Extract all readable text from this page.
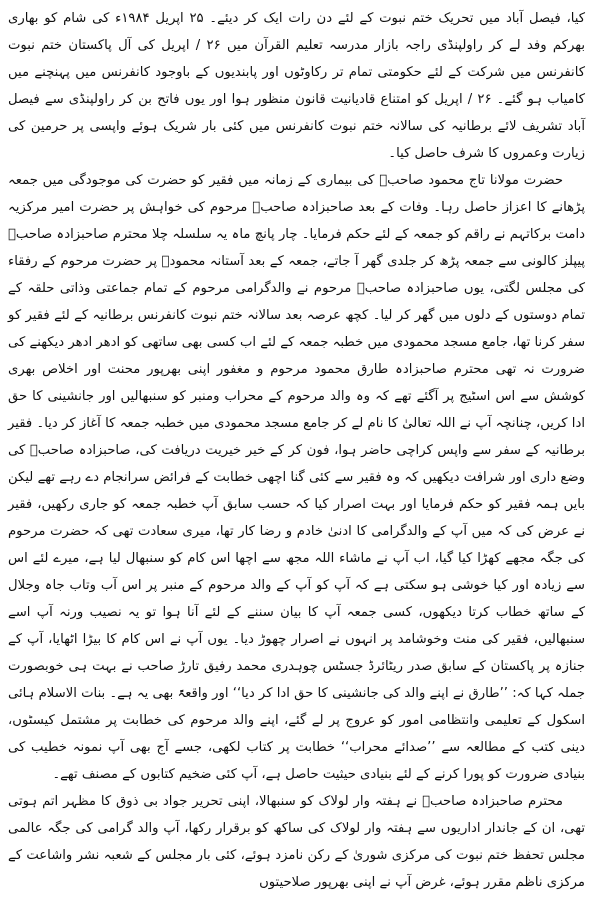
کیا، فیصل آباد میں تحریک ختم نبوت کے لئے دن رات ایک کر دیئے۔ ۲۵ اپریل ۱۹۸۴ء کی شام کو بھاری بھرکم وفد لے کر راولپنڈی راجہ بازار مدرسہ تعلیم القرآن میں ۲۶ / اپریل کی آل پاکستان ختم نبوت کانفرنس میں شرکت کے لئے حکومتی تمام تر رکاوٹوں اور پابندیوں کے باوجود کانفرنس میں پہنچنے میں کامیاب ہو گئے۔ ۲۶ / اپریل کو امتناع قادیانیت قانون منظور ہوا اور یوں فاتح بن کر راولپنڈی سے فیصل آباد تشریف لائے برطانیہ کی سالانہ ختم نبوت کانفرنس میں کئی بار شریک ہوئے واپسی پر حرمین کی زیارت وعمروں کا شرف حاصل کیا۔

حضرت مولانا تاج محمود صاحبؒ کی بیماری کے زمانہ میں فقیر کو حضرت کی موجودگی میں جمعہ پڑھانے کا اعزاز حاصل رہا۔ وفات کے بعد صاحبزادہ صاحبؒ مرحوم کی خواہش پر حضرت امیر مرکزیہ دامت برکاتہم نے راقم کو جمعہ کے لئے حکم فرمایا۔ چار پانچ ماہ یہ سلسلہ چلا محترم صاحبزادہ صاحبؒ پیپلز کالونی سے جمعہ پڑھ کر جلدی گھر آ جاتے، جمعہ کے بعد آستانہ محمودؒ پر حضرت مرحوم کے رفقاء کی مجلس لگتی، یوں صاحبزادہ صاحبؒ مرحوم نے والدگرامی مرحوم کے تمام جماعتی وذاتی حلقہ کے تمام دوستوں کے دلوں میں گھر کر لیا۔ کچھ عرصہ بعد سالانہ ختم نبوت کانفرنس برطانیہ کے لئے فقیر کو سفر کرنا تھا، جامع مسجد محمودی میں خطبہ جمعہ کے لئے اب کسی بھی ساتھی کو ادھر ادھر دیکھنے کی ضرورت نہ تھی محترم صاحبزادہ طارق محمود مرحوم و مغفور اپنی بھرپور محنت اور اخلاص بھری کوشش سے اس اسٹیج پر آگئے تھے کہ وہ والد مرحوم کے محراب ومنبر کو سنبھالیں اور جانشینی کا حق ادا کریں، چنانچہ آپ نے اللہ تعالیٰ کا نام لے کر جامع مسجد محمودی میں خطبہ جمعہ کا آغاز کر دیا۔ فقیر برطانیہ کے سفر سے واپس کراچی حاضر ہوا، فون کر کے خیر خیریت دریافت کی، صاحبزادہ صاحبؒ کی وضع داری اور شرافت دیکھیں کہ وہ فقیر سے کئی گنا اچھی خطابت کے فرائض سرانجام دے رہے تھے لیکن بایں ہمہ فقیر کو حکم فرمایا اور بہت اصرار کیا کہ حسب سابق آپ خطبہ جمعہ کو جاری رکھیں، فقیر نے عرض کی کہ میں آپ کے والدگرامی کا ادنیٰ خادم و رضا کار تھا، میری سعادت تھی کہ حضرت مرحوم کی جگہ مجھے کھڑا کیا گیا، اب آپ نے ماشاء اللہ مجھ سے اچھا اس کام کو سنبھال لیا ہے، میرے لئے اس سے زیادہ اور کیا خوشی ہو سکتی ہے کہ آپ کو آپ کے والد مرحوم کے منبر پر اس آب وتاب جاہ وجلال کے ساتھ خطاب کرتا دیکھوں، کسی جمعہ آپ کا بیان سننے کے لئے آنا ہوا تو یہ نصیب ورنہ آپ اسے سنبھالیں، فقیر کی منت وخوشامد پر انہوں نے اصرار چھوڑ دیا۔ یوں آپ نے اس کام کا بیڑا اٹھایا، آپ کے جنازہ پر پاکستان کے سابق صدر ریٹائرڈ جسٹس چوہدری محمد رفیق تارڑ صاحب نے بہت ہی خوبصورت جملہ کہا کہ: ’’طارق نے اپنے والد کی جانشینی کا حق ادا کر دیا‘‘ اور واقعۃً بھی یہ ہے۔ بنات الاسلام ہائی اسکول کے تعلیمی وانتظامی امور کو عروج پر لے گئے، اپنے والد مرحوم کی خطابت پر مشتمل کیسٹوں، دینی کتب کے مطالعہ سے ’’صدائے محراب‘‘ خطابت پر کتاب لکھی، جسے آج بھی آپ نمونہ خطیب کی بنیادی ضرورت کو پورا کرنے کے لئے بنیادی حیثیت حاصل ہے، آپ کئی ضخیم کتابوں کے مصنف تھے۔

محترم صاحبزادہ صاحبؒ نے ہفتہ وار لولاک کو سنبھالا، اپنی تحریر جواد بی ذوق کا مظہر اتم ہوتی تھی، ان کے جاندار اداریوں سے ہفتہ وار لولاک کی ساکھ کو برقرار رکھا، آپ والد گرامی کی جگہ عالمی مجلس تحفظ ختم نبوت کی مرکزی شوریٰ کے رکن نامزد ہوئے، کئی بار مجلس کے شعبہ نشر واشاعت کے مرکزی ناظم مقرر ہوئے، غرض آپ نے اپنی بھرپور صلاحیتوں
